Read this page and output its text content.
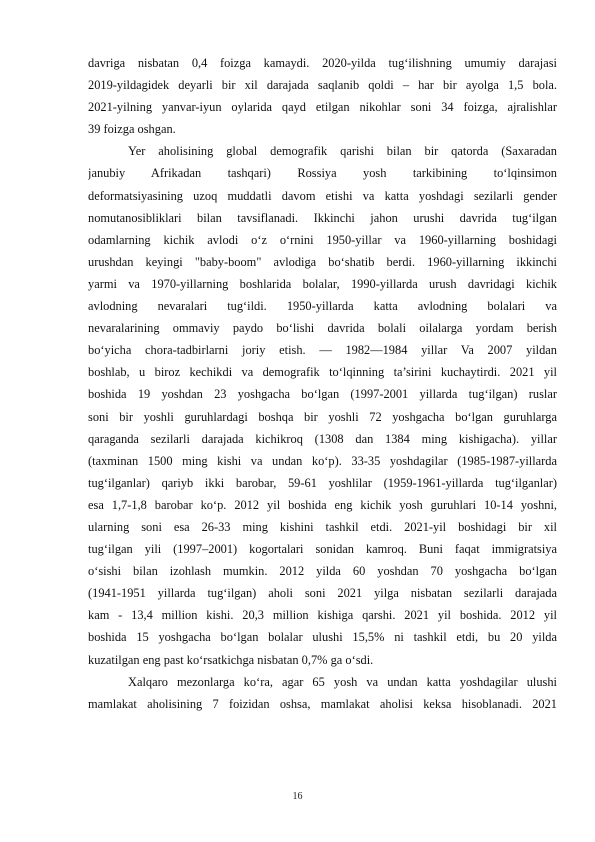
davriga nisbatan 0,4 foizga kamaydi. 2020-yilda tug‘ilishning umumiy darajasi
2019-yildagidek deyarli bir xil darajada saqlanib qoldi – har bir ayolga 1,5 bola.
2021-yilning yanvar-iyun oylarida qayd etilgan nikohlar soni 34 foizga, ajralishlar
39 foizga oshgan.
Yer aholisining global demografik qarishi bilan bir qatorda (Saxaradan
janubiy Afrikadan tashqari) Rossiya yosh tarkibining to‘lqinsimon
deformatsiyasining uzoq muddatli davom etishi va katta yoshdagi sezilarli gender
nomutanosibliklari bilan tavsiflanadi. Ikkinchi jahon urushi davrida tug‘ilgan
odamlarning kichik avlodi o‘z o‘rnini 1950-yillar va 1960-yillarning boshidagi
urushdan keyingi "baby-boom" avlodiga bo‘shatib berdi. 1960-yillarning ikkinchi
yarmi va 1970-yillarning boshlarida bolalar, 1990-yillarda urush davridagi kichik
avlodning nevaralari tug‘ildi. 1950-yillarda katta avlodning bolalari va
nevaralarining ommaviy paydo bo‘lishi davrida bolali oilalarga yordam berish
bo‘yicha chora-tadbirlarni joriy etish. — 1982—1984 yillar Va 2007 yildan
boshlab, u biroz kechikdi va demografik to‘lqinning ta’sirini kuchaytirdi. 2021 yil
boshida 19 yoshdan 23 yoshgacha bo‘lgan (1997-2001 yillarda tug‘ilgan) ruslar
soni bir yoshli guruhlardagi boshqa bir yoshli 72 yoshgacha bo‘lgan guruhlarga
qaraganda sezilarli darajada kichikroq (1308 dan 1384 ming kishigacha). yillar
(taxminan 1500 ming kishi va undan ko‘p). 33-35 yoshdagilar (1985-1987-yillarda
tug‘ilganlar) qariyb ikki barobar, 59-61 yoshlilar (1959-1961-yillarda tug‘ilganlar)
esa 1,7-1,8 barobar ko‘p. 2012 yil boshida eng kichik yosh guruhlari 10-14 yoshni,
ularning soni esa 26-33 ming kishini tashkil etdi. 2021-yil boshidagi bir xil
tug‘ilgan yili (1997–2001) kogortalari sonidan kamroq. Buni faqat immigratsiya
o‘sishi bilan izohlash mumkin. 2012 yilda 60 yoshdan 70 yoshgacha bo‘lgan
(1941-1951 yillarda tug‘ilgan) aholi soni 2021 yilga nisbatan sezilarli darajada
kam - 13,4 million kishi. 20,3 million kishiga qarshi. 2021 yil boshida. 2012 yil
boshida 15 yoshgacha bo‘lgan bolalar ulushi 15,5% ni tashkil etdi, bu 20 yilda
kuzatilgan eng past ko‘rsatkichga nisbatan 0,7% ga o‘sdi.
Xalqaro mezonlarga ko‘ra, agar 65 yosh va undan katta yoshdagilar ulushi
mamlakat aholisining 7 foizidan oshsa, mamlakat aholisi keksa hisoblanadi. 2021
16
